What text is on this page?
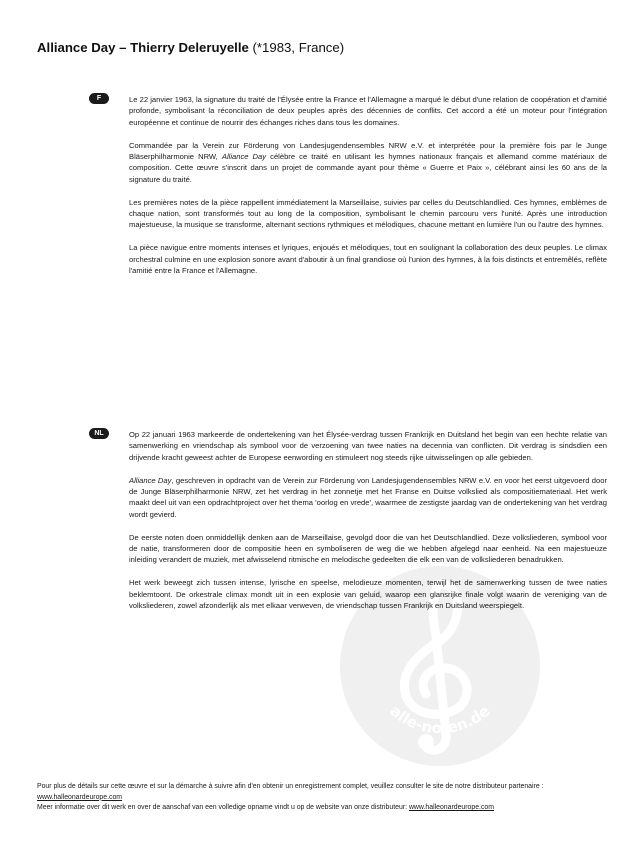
Alliance Day – Thierry Deleruyelle (*1983, France)
alle-noten.de
F	Le 22 janvier 1963, la signature du traité de l'Élysée entre la France et l'Allemagne a marqué le début d'une relation de coopération et d'amitié profonde, symbolisant la réconciliation de deux peuples après des décennies de conflits. Cet accord a été un moteur pour l'intégration européenne et continue de nourrir des échanges riches dans tous les domaines.

Commandée par la Verein zur Förderung von Landesjugendensembles NRW e.V. et interprétée pour la première fois par le Junge Bläserphilharmonie NRW, Alliance Day célèbre ce traité en utilisant les hymnes nationaux français et allemand comme matériaux de composition. Cette œuvre s'inscrit dans un projet de commande ayant pour thème « Guerre et Paix », célébrant ainsi les 60 ans de la signature du traité.

Les premières notes de la pièce rappellent immédiatement la Marseillaise, suivies par celles du Deutschlandlied. Ces hymnes, emblèmes de chaque nation, sont transformés tout au long de la composition, symbolisant le chemin parcouru vers l'unité. Après une introduction majestueuse, la musique se transforme, alternant sections rythmiques et mélodiques, chacune mettant en lumière l'un ou l'autre des hymnes.

La pièce navigue entre moments intenses et lyriques, enjoués et mélodiques, tout en soulignant la collaboration des deux peuples. Le climax orchestral culmine en une explosion sonore avant d'aboutir à un final grandiose où l'union des hymnes, à la fois distincts et entremêlés, reflète l'amitié entre la France et l'Allemagne.

NL	Op 22 januari 1963 markeerde de ondertekening van het Élysée-verdrag tussen Frankrijk en Duitsland het begin van een hechte relatie van samenwerking en vriendschap als symbool voor de verzoening van twee naties na decennia van conflicten. Dit verdrag is sindsdien een drijvende kracht geweest achter de Europese eenwording en stimuleert nog steeds rijke uitwisselingen op alle gebieden.

Alliance Day, geschreven in opdracht van de Verein zur Förderung von Landesjugendensembles NRW e.V. en voor het eerst uitgevoerd door de Junge Bläserphilharmonie NRW, zet het verdrag in het zonnetje met het Franse en Duitse volkslied als compositiemateriaal. Het werk maakt deel uit van een opdrachtproject over het thema 'oorlog en vrede', waarmee de zestigste jaardag van de ondertekening van het verdrag wordt gevierd.

De eerste noten doen onmiddellijk denken aan de Marseillaise, gevolgd door die van het Deutschlandlied. Deze volksliederen, symbool voor de natie, transformeren door de compositie heen en symboliseren de weg die we hebben afgelegd naar eenheid. Na een majestueuze inleiding verandert de muziek, met afwisselend ritmische en melodische gedeelten die elk een van de volksliederen benadrukken.

Het werk beweegt zich tussen intense, lyrische en speelse, melodieuze momenten, terwijl het de samenwerking tussen de twee naties beklemtoont. De orkestrale climax mondt uit in een explosie van geluid, waarop een glansrijke finale volgt waarin de vereniging van de volksliederen, zowel afzonderlijk als met elkaar verweven, de vriendschap tussen Frankrijk en Duitsland weerspiegelt.

Pour plus de détails sur cette œuvre et sur la démarche à suivre afin d'en obtenir un enregistrement complet, veuillez consulter le site de notre distributeur partenaire : www.halleonardeurope.com

Meer informatie over dit werk en over de aanschaf van een volledige opname vindt u op de website van onze distributeur: www.halleonardeurope.com
